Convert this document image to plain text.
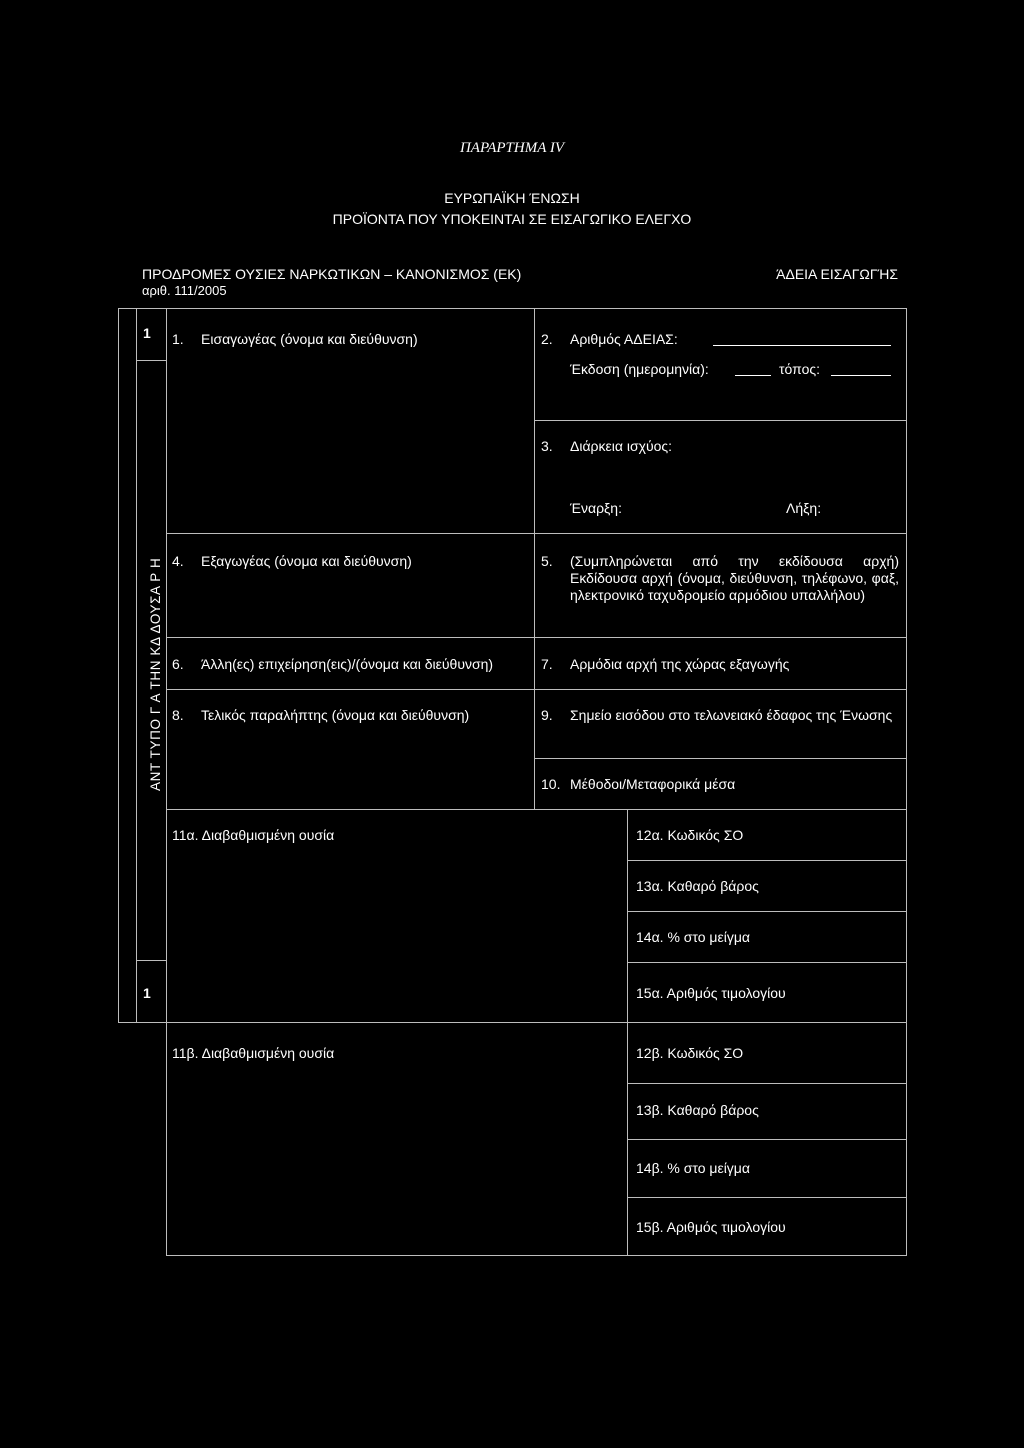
ΠΑΡΑΡΤΗΜΑ IV
ΕΥΡΩΠΑΪΚΗ ΈΝΩΣΗ
ΠΡΟΪΟΝΤΑ ΠΟΥ ΥΠΟΚΕΙΝΤΑΙ ΣΕ ΕΙΣΑΓΩΓΙΚΟ ΕΛΕΓΧΟ
ΠΡΟΔΡΟΜΕΣ ΟΥΣΙΕΣ ΝΑΡΚΩΤΙΚΩΝ – ΚΑΝΟΝΙΣΜΟΣ (ΕΚ)
αριθ. 111/2005
ΆΔΕΙΑ ΕΙΣΑΓΩΓΉΣ
1
ΑΝΤ ΤΥΠΟ Γ Α ΤΗΝ ΚΔ ΔΟΥΣΑ Ρ Η
1
1. Εισαγωγέας (όνομα και διεύθυνση)	2. Αριθμός ΑΔΕΙΑΣ:
Έκδοση (ημερομηνία):	τόπος:
3. Διάρκεια ισχύος:
Έναρξη:	Λήξη:
4. Εξαγωγέας (όνομα και διεύθυνση)	5. (Συμπληρώνεται από την εκδίδουσα αρχή) Εκδίδουσα αρχή (όνομα, διεύθυνση, τηλέφωνο, φαξ, ηλεκτρονικό ταχυδρομείο αρμόδιου υπαλλήλου)
6. Άλλη(ες) επιχείρηση(εις)/(όνομα και διεύθυνση)	7. Αρμόδια αρχή της χώρας εξαγωγής
8. Τελικός παραλήπτης (όνομα και διεύθυνση)	9. Σημείο εισόδου στο τελωνειακό έδαφος της Ένωσης
10. Μέθοδοι/Μεταφορικά μέσα
11α. Διαβαθμισμένη ουσία	12α. Κωδικός ΣΟ
13α. Καθαρό βάρος
14α. % στο μείγμα
15α. Αριθμός τιμολογίου
11β. Διαβαθμισμένη ουσία	12β. Κωδικός ΣΟ
13β. Καθαρό βάρος
14β. % στο μείγμα
15β. Αριθμός τιμολογίου
